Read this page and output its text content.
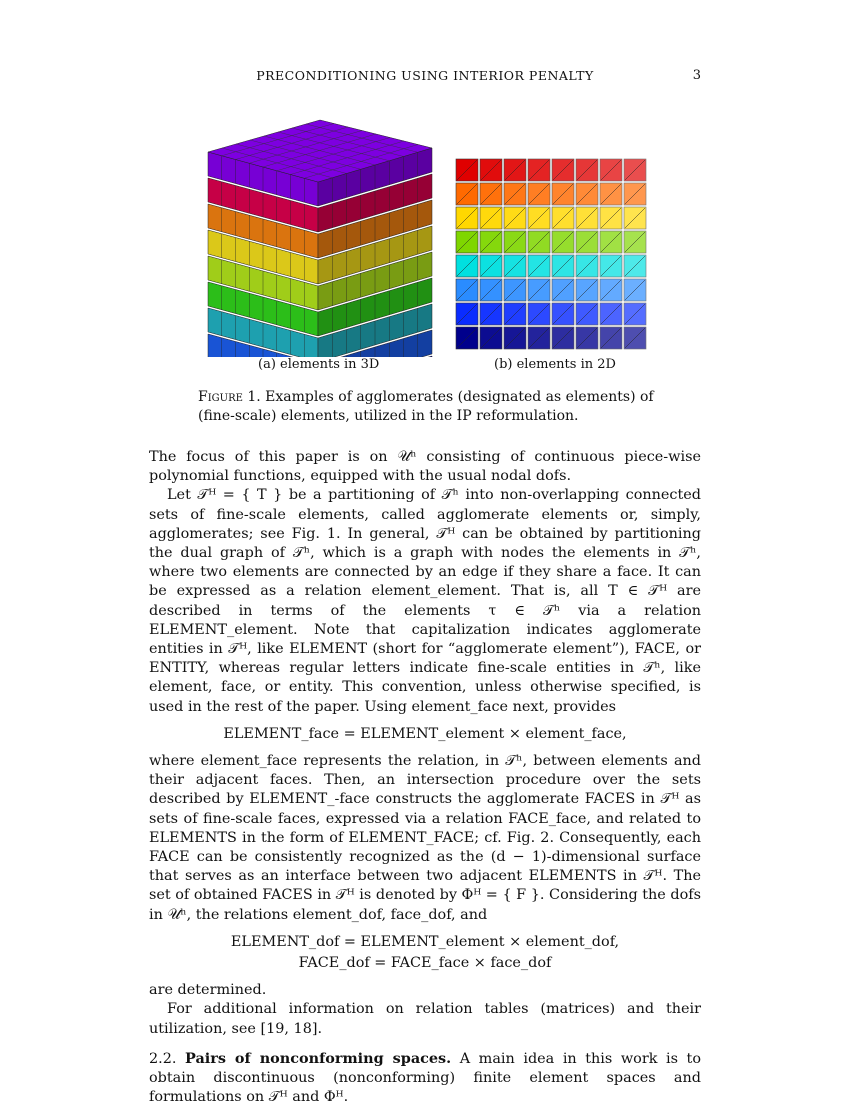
PRECONDITIONING USING INTERIOR PENALTY	3
(a) elements in 3D	(b) elements in 2D
Figure 1. Examples of agglomerates (designated as elements) of (fine-scale) elements, utilized in the IP reformulation.

The focus of this paper is on 𝒰ʰ consisting of continuous piece-wise polynomial functions, equipped with the usual nodal dofs.

Let 𝒯ᴴ = { T } be a partitioning of 𝒯ʰ into non-overlapping connected sets of fine-scale elements, called agglomerate elements or, simply, agglomerates; see Fig. 1. In general, 𝒯ᴴ can be obtained by partitioning the dual graph of 𝒯ʰ, which is a graph with nodes the elements in 𝒯ʰ, where two elements are connected by an edge if they share a face. It can be expressed as a relation element_element. That is, all T ∈ 𝒯ᴴ are described in terms of the elements τ ∈ 𝒯ʰ via a relation ELEMENT_element. Note that capitalization indicates agglomerate entities in 𝒯ᴴ, like ELEMENT (short for “agglomerate element”), FACE, or ENTITY, whereas regular letters indicate fine-scale entities in 𝒯ʰ, like element, face, or entity. This convention, unless otherwise specified, is used in the rest of the paper. Using element_face next, provides

ELEMENT_face = ELEMENT_element × element_face,

where element_face represents the relation, in 𝒯ʰ, between elements and their adjacent faces. Then, an intersection procedure over the sets described by ELEMENT_-face constructs the agglomerate FACES in 𝒯ᴴ as sets of fine-scale faces, expressed via a relation FACE_face, and related to ELEMENTS in the form of ELEMENT_FACE; cf. Fig. 2. Consequently, each FACE can be consistently recognized as the (d − 1)-dimensional surface that serves as an interface between two adjacent ELEMENTS in 𝒯ᴴ. The set of obtained FACES in 𝒯ᴴ is denoted by Φᴴ = { F }. Considering the dofs in 𝒰ʰ, the relations element_dof, face_dof, and

ELEMENT_dof = ELEMENT_element × element_dof,

FACE_dof = FACE_face × face_dof

are determined.

For additional information on relation tables (matrices) and their utilization, see [19, 18].

2.2. Pairs of nonconforming spaces. A main idea in this work is to obtain discontinuous (nonconforming) finite element spaces and formulations on 𝒯ᴴ and Φᴴ.
